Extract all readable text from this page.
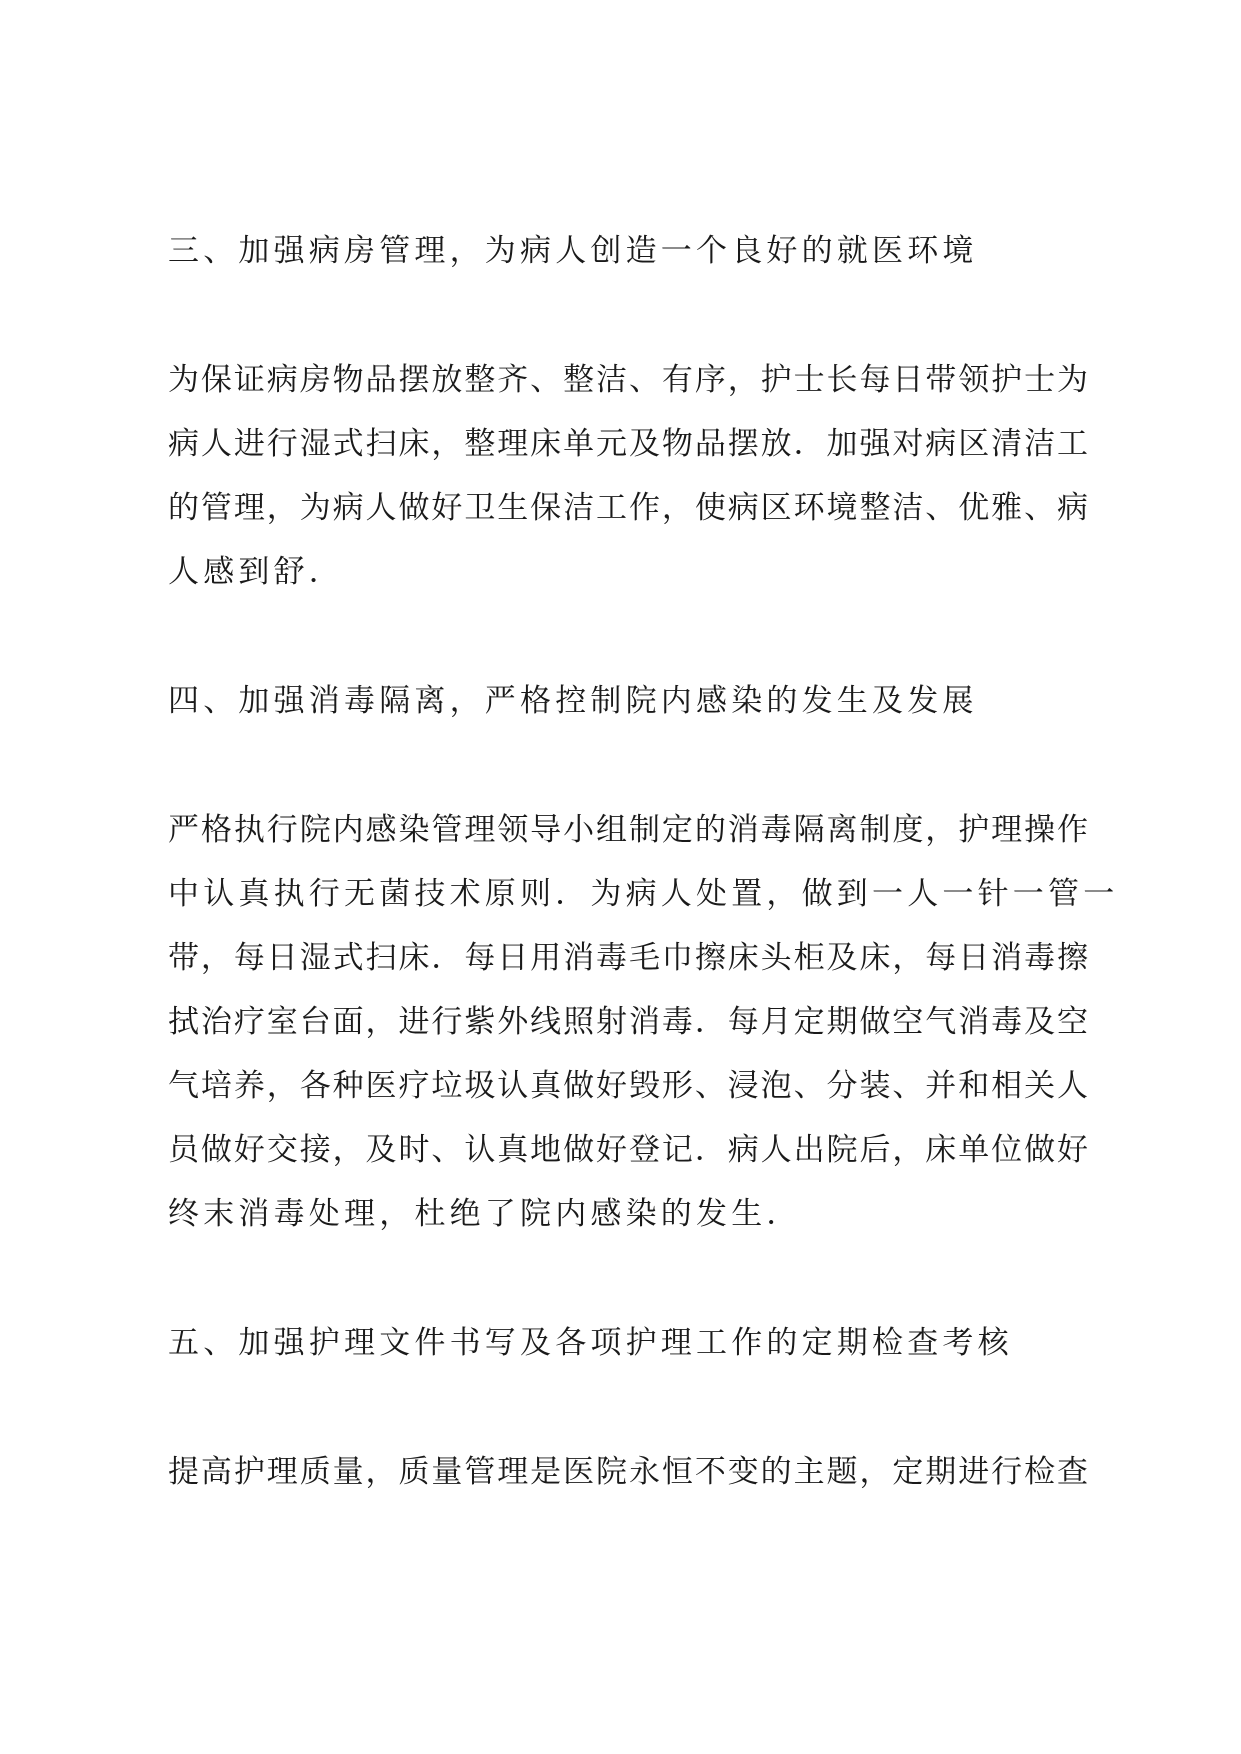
三、加强病房管理，为病人创造一个良好的就医环境
为保证病房物品摆放整齐、整洁、有序，护士长每日带领护士为
病人进行湿式扫床，整理床单元及物品摆放．加强对病区清洁工
的管理，为病人做好卫生保洁工作，使病区环境整洁、优雅、病
人感到舒．
四、加强消毒隔离，严格控制院内感染的发生及发展
严格执行院内感染管理领导小组制定的消毒隔离制度，护理操作
中认真执行无菌技术原则．为病人处置，做到一人一针一管一
带，每日湿式扫床．每日用消毒毛巾擦床头柜及床，每日消毒擦
拭治疗室台面，进行紫外线照射消毒．每月定期做空气消毒及空
气培养，各种医疗垃圾认真做好毁形、浸泡、分装、并和相关人
员做好交接，及时、认真地做好登记．病人出院后，床单位做好
终末消毒处理，杜绝了院内感染的发生．
五、加强护理文件书写及各项护理工作的定期检查考核
提高护理质量，质量管理是医院永恒不变的主题，定期进行检查
